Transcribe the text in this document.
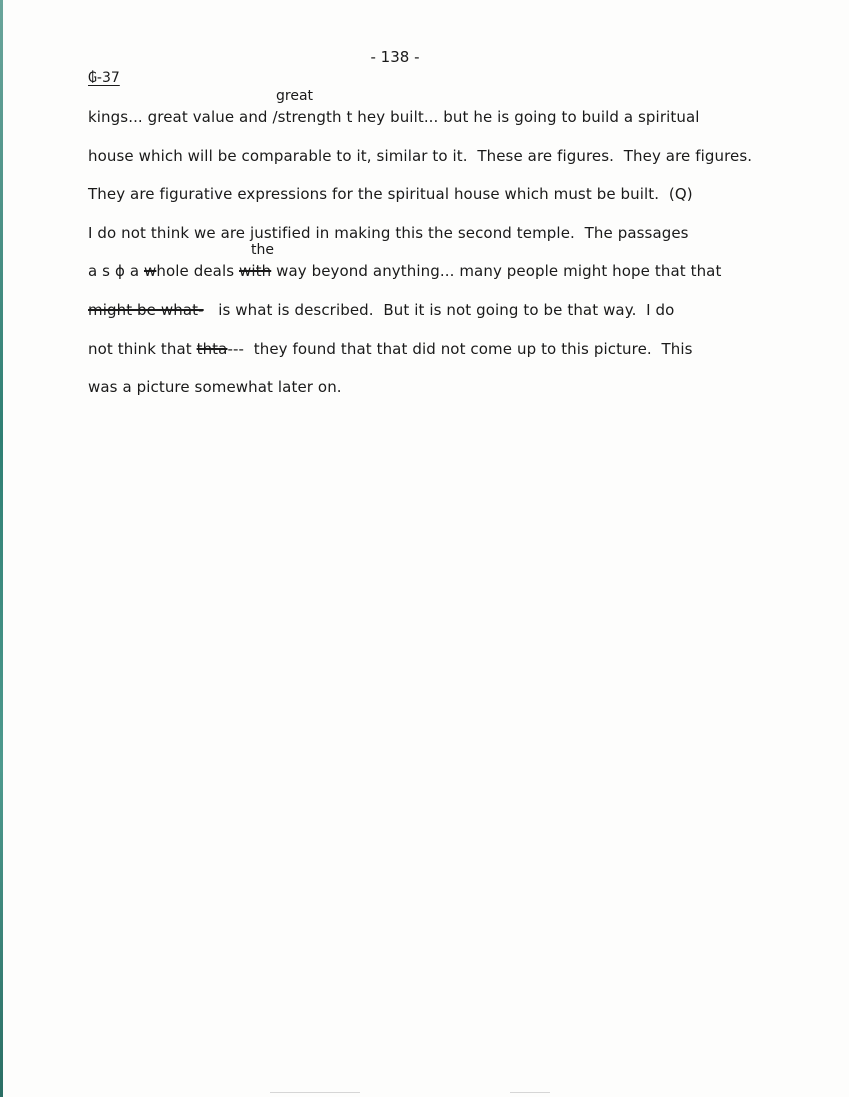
- 138 -
₲-37
great
kings... great value and /strength t hey built... but he is going to build a spiritual
house which will be comparable to it, similar to it.  These are figures.  They are figures.
They are figurative expressions for the spiritual house which must be built.  (Q)
I do not think we are justified in making this the second temple.  The passages
the
a s ɸ a whole deals with way beyond anything... many people might hope that that
might be what-   is what is described.  But it is not going to be that way.  I do
not think that thta---  they found that that did not come up to this picture.  This
was a picture somewhat later on.
